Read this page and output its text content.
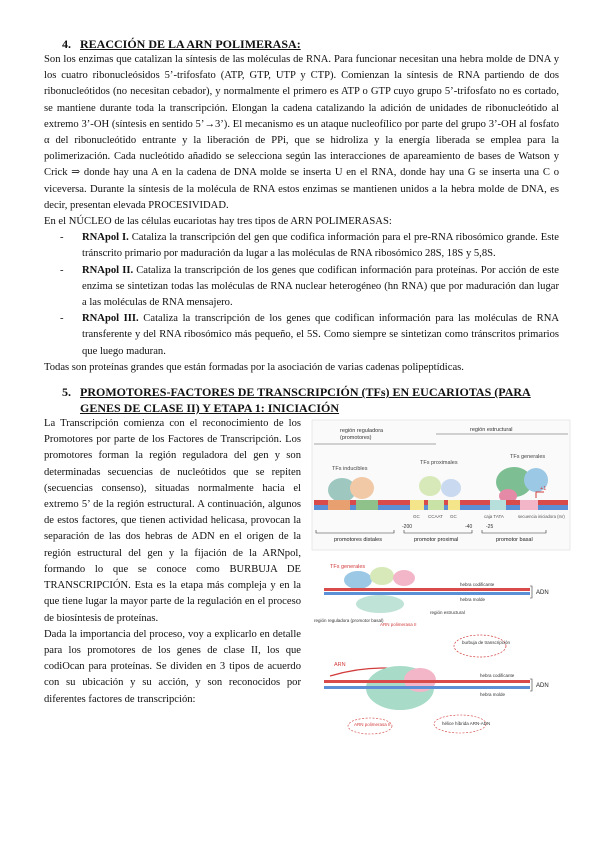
4. REACCIÓN DE LA ARN POLIMERASA:

Son los enzimas que catalizan la síntesis de las moléculas de RNA. Para funcionar necesitan una hebra molde de DNA y los cuatro ribonucleósidos 5’-trifosfato (ATP, GTP, UTP y CTP). Comienzan la síntesis de RNA partiendo de dos ribonucleótidos (no necesitan cebador), y normalmente el primero es ATP o GTP cuyo grupo 5’-trifosfato no es cortado, se mantiene durante toda la transcripción. Elongan la cadena catalizando la adición de unidades de ribonucleótido al extremo 3’-OH (síntesis en sentido 5’→3’). El mecanismo es un ataque nucleofílico por parte del grupo 3’-OH al fosfato α del ribonucleótido entrante y la liberación de PPi, que se hidroliza y la energía liberada se emplea para la polimerización. Cada nucleótido añadido se selecciona según las interacciones de apareamiento de bases de Watson y Crick ⇒ donde hay una A en la cadena de DNA molde se inserta U en el RNA, donde hay una G se inserta una C o viceversa. Durante la síntesis de la molécula de RNA estos enzimas se mantienen unidos a la hebra molde de DNA, es decir, presentan elevada PROCESIVIDAD.

En el NÚCLEO de las células eucariotas hay tres tipos de ARN POLIMERASAS:

- RNApol I. Cataliza la transcripción del gen que codifica información para el pre-RNA ribosómico grande. Este tránscrito primario por maduración da lugar a las moléculas de RNA ribosómico 28S, 18S y 5,8S.
- RNApol II. Cataliza la transcripción de los genes que codifican información para proteínas. Por acción de este enzima se sintetizan todas las moléculas de RNA nuclear heterogéneo (hn RNA) que por maduración dan lugar a las moléculas de RNA mensajero.
- RNApol III. Cataliza la transcripción de los genes que codifican información para las moléculas de RNA transferente y del RNA ribosómico más pequeño, el 5S. Como siempre se sintetizan como tránscritos primarios que luego maduran.

Todas son proteínas grandes que están formadas por la asociación de varias cadenas polipeptídicas.

5. PROMOTORES-FACTORES DE TRANSCRIPCIÓN (TFs) EN EUCARIOTAS (PARA GENES DE CLASE II) Y ETAPA 1: INICIACIÓN

La Transcripción comienza con el reconocimiento de los Promotores por parte de los Factores de Transcripción. Los promotores forman la región reguladora del gen y son determinadas secuencias de nucleótidos que se repiten (secuencias consenso), situadas normalmente hacia el extremo 5’ de la región estructural. A continuación, algunos de estos factores, que tienen actividad helicasa, provocan la separación de las dos hebras de ADN en el origen de la región estructural del gen y la fijación de la ARNpol, formando lo que se conoce como BURBUJA DE TRANSCRIPCIÓN. Esta es la etapa más compleja y en la que tiene lugar la mayor parte de la regulación en el proceso de biosíntesis de proteínas.

Dada la importancia del proceso, voy a explicarlo en detalle para los promotores de los genes de clase II, los que codiOcan para proteínas. Se dividen en 3 tipos de acuerdo con su ubicación y su acción, y son reconocidos por diferentes factores de transcripción:

región reguladora
(promotores)
región estructural
TFs inducibles
TFs proximales
TFs generales
+1
GC CCAAT GC	caja TATA	secuencia iniciadora (Inr)
-200	-40	-25
promotores distales	promotor proximal	promotor basal
TFs generales
hebra codificante
hebra molde
ADN
región reguladora (promotor basal)
ARN polimerasa II
región estructural
burbuja de transcripción
ARN
hebra codificante
hebra molde
ADN
ARN polimerasa II	hélice híbrida ARN-ADN
